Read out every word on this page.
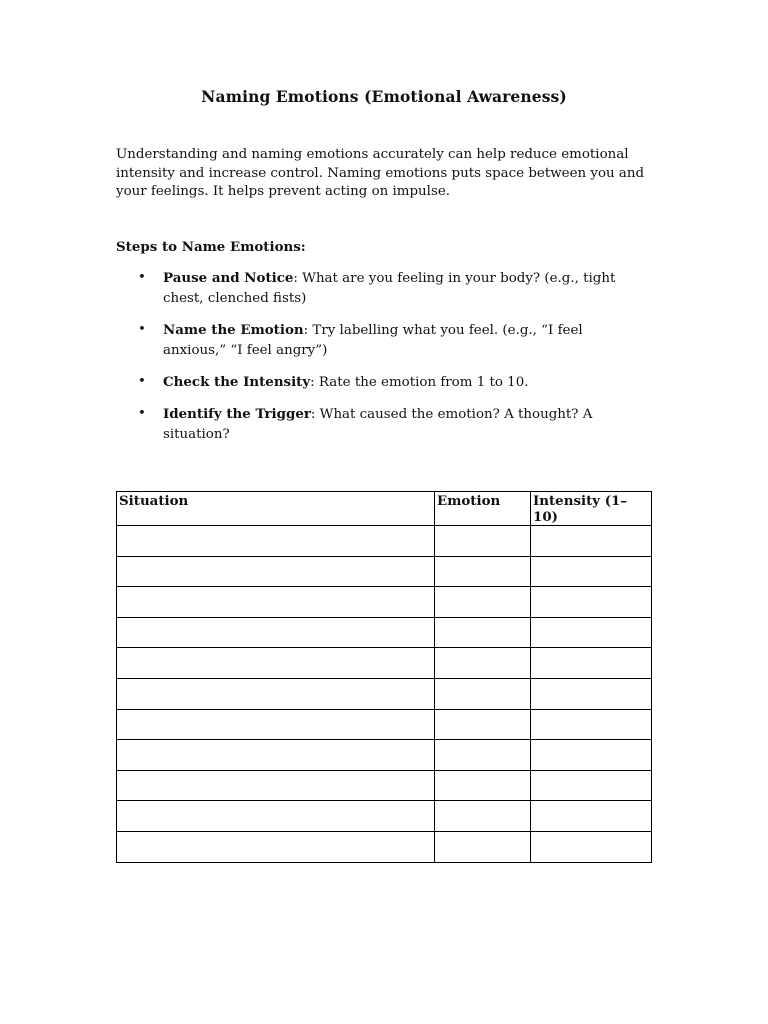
Naming Emotions (Emotional Awareness)
Understanding and naming emotions accurately can help reduce emotional intensity and increase control. Naming emotions puts space between you and your feelings. It helps prevent acting on impulse.
Steps to Name Emotions:
• Pause and Notice: What are you feeling in your body? (e.g., tight chest, clenched fists)
• Name the Emotion: Try labelling what you feel. (e.g., “I feel anxious,” “I feel angry”)
• Check the Intensity: Rate the emotion from 1 to 10.
• Identify the Trigger: What caused the emotion? A thought? A situation?
Situation	Emotion	Intensity (1–10)
